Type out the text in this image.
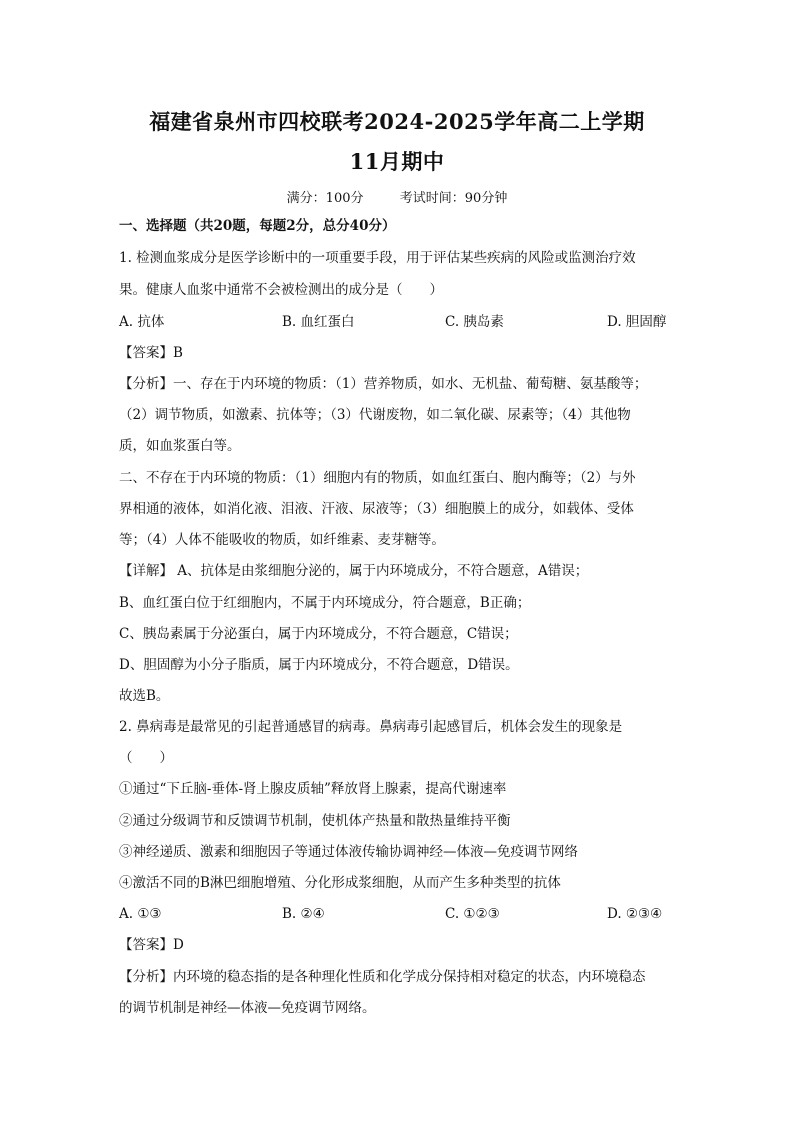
福建省泉州市四校联考2024-2025学年高二上学期
11月期中
满分：100分	考试时间：90分钟
一、选择题（共20题，每题2分，总分40分）
1. 检测血浆成分是医学诊断中的一项重要手段，用于评估某些疾病的风险或监测治疗效
果。健康人血浆中通常不会被检测出的成分是（　　）
A. 抗体	B. 血红蛋白	C. 胰岛素	D. 胆固醇
【答案】B
【分析】一、存在于内环境的物质：（1）营养物质，如水、无机盐、葡萄糖、氨基酸等；
（2）调节物质，如激素、抗体等；（3）代谢废物，如二氧化碳、尿素等；（4）其他物
质，如血浆蛋白等。
二、不存在于内环境的物质：（1）细胞内有的物质，如血红蛋白、胞内酶等；（2）与外
界相通的液体，如消化液、泪液、汗液、尿液等；（3）细胞膜上的成分，如载体、受体
等；（4）人体不能吸收的物质，如纤维素、麦芽糖等。
【详解】 A、抗体是由浆细胞分泌的，属于内环境成分，不符合题意，A错误；
B、血红蛋白位于红细胞内，不属于内环境成分，符合题意，B正确；
C、胰岛素属于分泌蛋白，属于内环境成分，不符合题意，C错误；
D、胆固醇为小分子脂质，属于内环境成分，不符合题意，D错误。
故选B。
2. 鼻病毒是最常见的引起普通感冒的病毒。鼻病毒引起感冒后，机体会发生的现象是
（　　）
①通过“下丘脑-垂体-肾上腺皮质轴”释放肾上腺素，提高代谢速率
②通过分级调节和反馈调节机制，使机体产热量和散热量维持平衡
③神经递质、激素和细胞因子等通过体液传输协调神经—体液—免疫调节网络
④激活不同的B淋巴细胞增殖、分化形成浆细胞，从而产生多种类型的抗体
A. ①③	B. ②④	C. ①②③	D. ②③④
【答案】D
【分析】内环境的稳态指的是各种理化性质和化学成分保持相对稳定的状态，内环境稳态
的调节机制是神经—体液—免疫调节网络。
